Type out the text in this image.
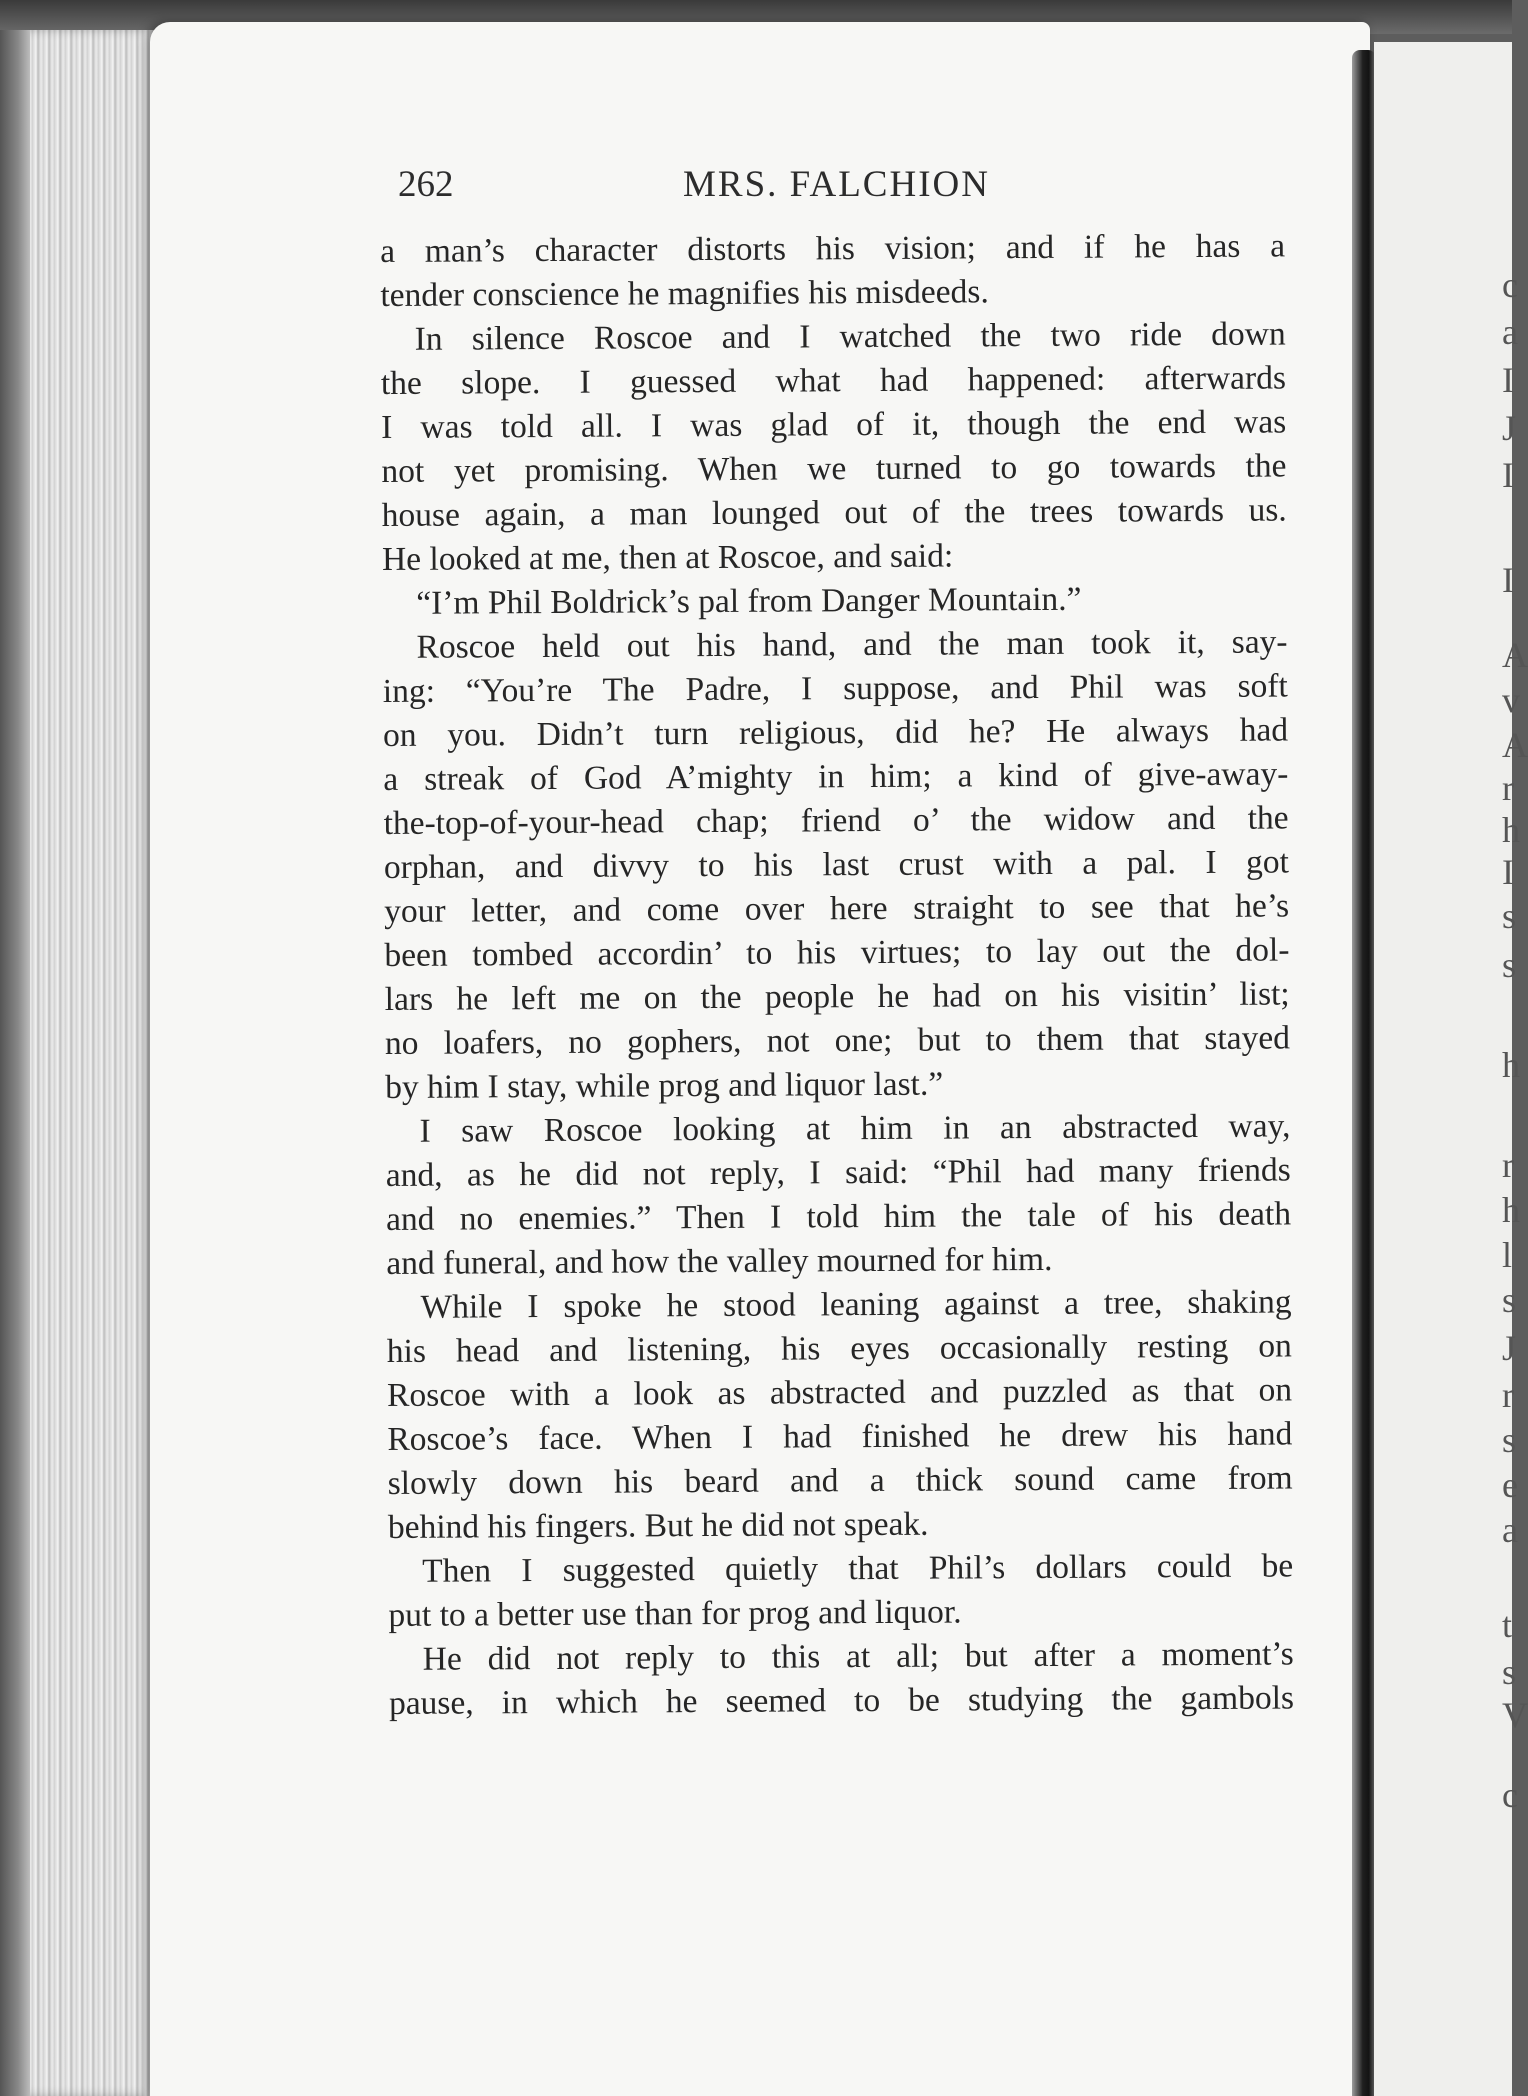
262	MRS. FALCHION
a man’s character distorts his vision; and if he has a
tender conscience he magnifies his misdeeds.
In silence Roscoe and I watched the two ride down
the slope. I guessed what had happened: afterwards
I was told all. I was glad of it, though the end was
not yet promising. When we turned to go towards the
house again, a man lounged out of the trees towards us.
He looked at me, then at Roscoe, and said:
“I’m Phil Boldrick’s pal from Danger Mountain.”
Roscoe held out his hand, and the man took it, say-
ing: “You’re The Padre, I suppose, and Phil was soft
on you. Didn’t turn religious, did he? He always had
a streak of God A’mighty in him; a kind of give-away-
the-top-of-your-head chap; friend o’ the widow and the
orphan, and divvy to his last crust with a pal. I got
your letter, and come over here straight to see that he’s
been tombed accordin’ to his virtues; to lay out the dol-
lars he left me on the people he had on his visitin’ list;
no loafers, no gophers, not one; but to them that stayed
by him I stay, while prog and liquor last.”
I saw Roscoe looking at him in an abstracted way,
and, as he did not reply, I said: “Phil had many friends
and no enemies.” Then I told him the tale of his death
and funeral, and how the valley mourned for him.
While I spoke he stood leaning against a tree, shaking
his head and listening, his eyes occasionally resting on
Roscoe with a look as abstracted and puzzled as that on
Roscoe’s face. When I had finished he drew his hand
slowly down his beard and a thick sound came from
behind his fingers. But he did not speak.
Then I suggested quietly that Phil’s dollars could be
put to a better use than for prog and liquor.
He did not reply to this at all; but after a moment’s
pause, in which he seemed to be studying the gambols
c
a
I
J
I
I
A
v
A
r
h
I
s
s
h
r
h
l
s
J
r
s
e
a
t
s
V
c
